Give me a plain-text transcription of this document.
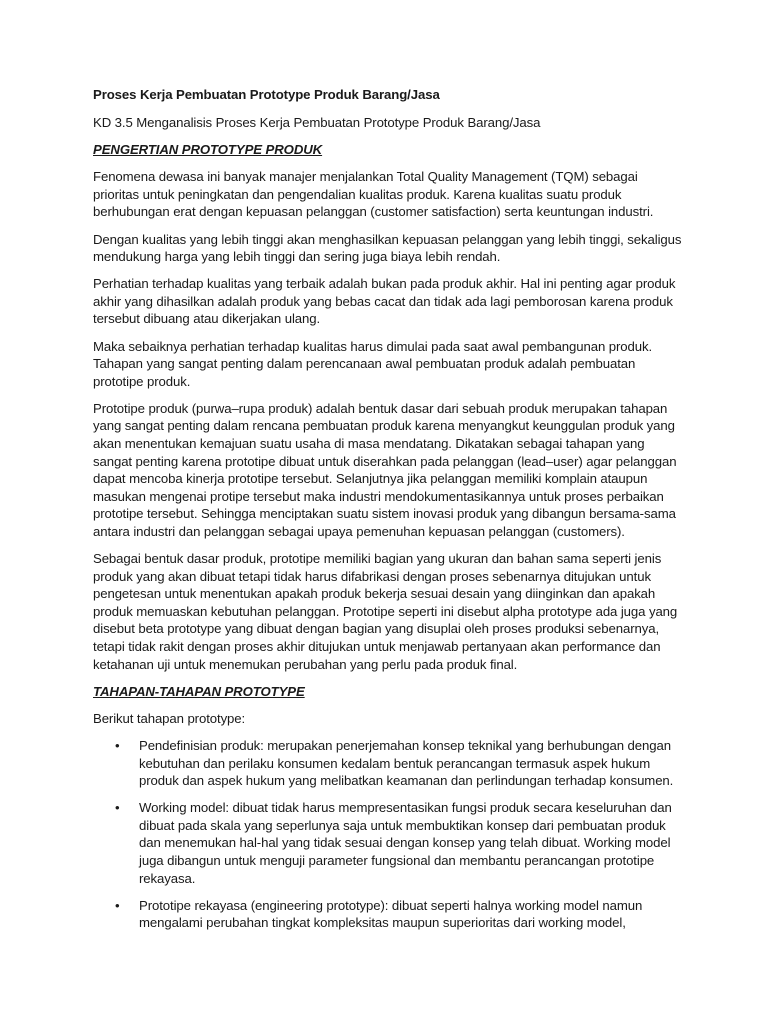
Proses Kerja Pembuatan Prototype Produk Barang/Jasa

KD 3.5 Menganalisis Proses Kerja Pembuatan Prototype Produk Barang/Jasa

PENGERTIAN PROTOTYPE PRODUK

Fenomena dewasa ini banyak manajer menjalankan Total Quality Management (TQM) sebagai prioritas untuk peningkatan dan pengendalian kualitas produk. Karena kualitas suatu produk berhubungan erat dengan kepuasan pelanggan (customer satisfaction) serta keuntungan industri.

Dengan kualitas yang lebih tinggi akan menghasilkan kepuasan pelanggan yang lebih tinggi, sekaligus mendukung harga yang lebih tinggi dan sering juga biaya lebih rendah.

Perhatian terhadap kualitas yang terbaik adalah bukan pada produk akhir. Hal ini penting agar produk akhir yang dihasilkan adalah produk yang bebas cacat dan tidak ada lagi pemborosan karena produk tersebut dibuang atau dikerjakan ulang.

Maka sebaiknya perhatian terhadap kualitas harus dimulai pada saat awal pembangunan produk. Tahapan yang sangat penting dalam perencanaan awal pembuatan produk adalah pembuatan prototipe produk.

Prototipe produk (purwa–rupa produk) adalah bentuk dasar dari sebuah produk merupakan tahapan yang sangat penting dalam rencana pembuatan produk karena menyangkut keunggulan produk yang akan menentukan kemajuan suatu usaha di masa mendatang. Dikatakan sebagai tahapan yang sangat penting karena prototipe dibuat untuk diserahkan pada pelanggan (lead–user) agar pelanggan dapat mencoba kinerja prototipe tersebut. Selanjutnya jika pelanggan memiliki komplain ataupun masukan mengenai protipe tersebut maka industri mendokumentasikannya untuk proses perbaikan prototipe tersebut. Sehingga menciptakan suatu sistem inovasi produk yang dibangun bersama-sama antara industri dan pelanggan sebagai upaya pemenuhan kepuasan pelanggan (customers).

Sebagai bentuk dasar produk, prototipe memiliki bagian yang ukuran dan bahan sama seperti jenis produk yang akan dibuat tetapi tidak harus difabrikasi dengan proses sebenarnya ditujukan untuk pengetesan untuk menentukan apakah produk bekerja sesuai desain yang diinginkan dan apakah produk memuaskan kebutuhan pelanggan. Prototipe seperti ini disebut alpha prototype ada juga yang disebut beta prototype yang dibuat dengan bagian yang disuplai oleh proses produksi sebenarnya, tetapi tidak rakit dengan proses akhir ditujukan untuk menjawab pertanyaan akan performance dan ketahanan uji untuk menemukan perubahan yang perlu pada produk final.

TAHAPAN-TAHAPAN PROTOTYPE

Berikut tahapan prototype:

• Pendefinisian produk: merupakan penerjemahan konsep teknikal yang berhubungan dengan kebutuhan dan perilaku konsumen kedalam bentuk perancangan termasuk aspek hukum produk dan aspek hukum yang melibatkan keamanan dan perlindungan terhadap konsumen.
• Working model: dibuat tidak harus mempresentasikan fungsi produk secara keseluruhan dan dibuat pada skala yang seperlunya saja untuk membuktikan konsep dari pembuatan produk dan menemukan hal-hal yang tidak sesuai dengan konsep yang telah dibuat. Working model juga dibangun untuk menguji parameter fungsional dan membantu perancangan prototipe rekayasa.
• Prototipe rekayasa (engineering prototype): dibuat seperti halnya working model namun mengalami perubahan tingkat kompleksitas maupun superioritas dari working model,
